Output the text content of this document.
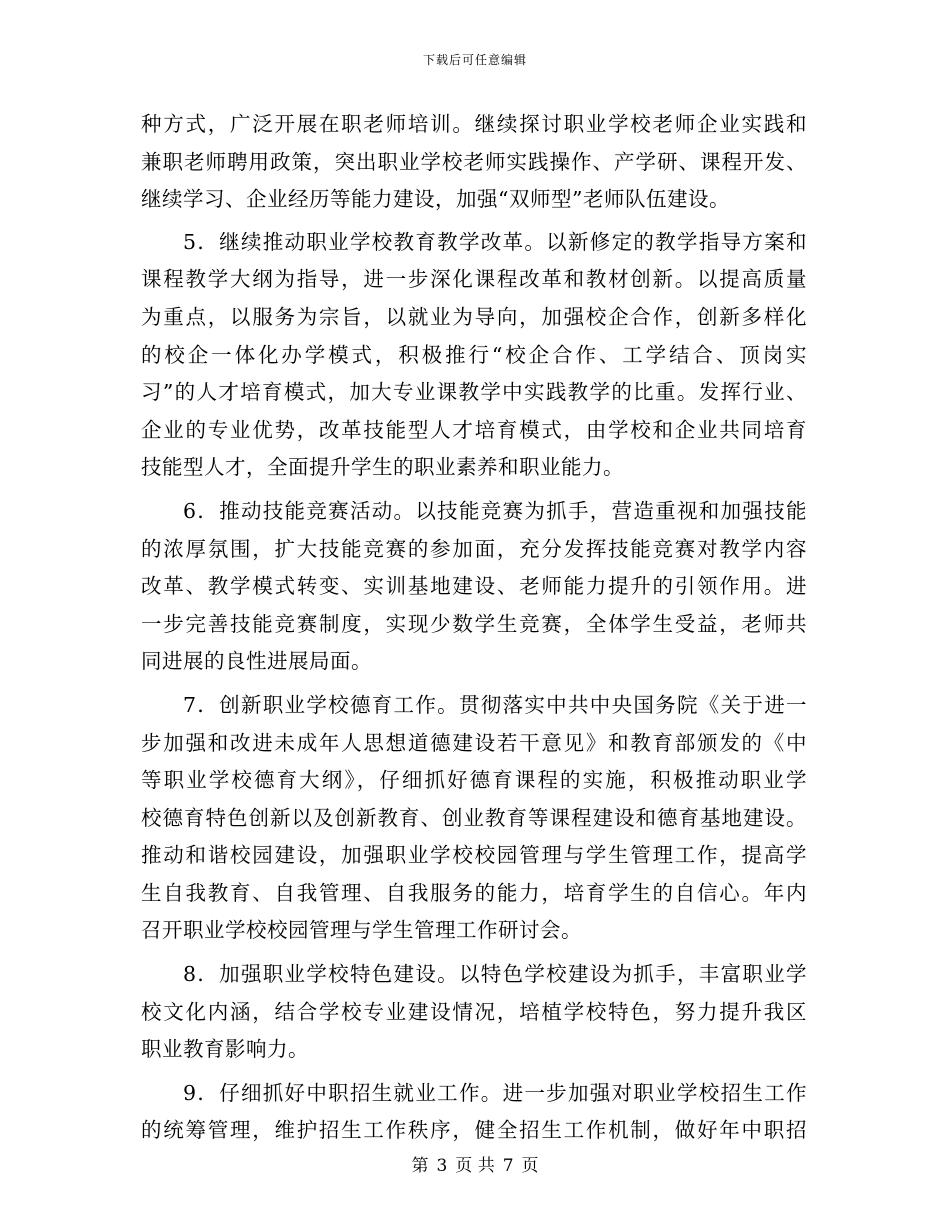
下载后可任意编辑

种方式，广泛开展在职老师培训。继续探讨职业学校老师企业实践和
兼职老师聘用政策，突出职业学校老师实践操作、产学研、课程开发、
继续学习、企业经历等能力建设，加强“双师型”老师队伍建设。

5．继续推动职业学校教育教学改革。以新修定的教学指导方案和
课程教学大纲为指导，进一步深化课程改革和教材创新。以提高质量
为重点，以服务为宗旨，以就业为导向，加强校企合作，创新多样化
的校企一体化办学模式，积极推行“校企合作、工学结合、顶岗实
习”的人才培育模式，加大专业课教学中实践教学的比重。发挥行业、
企业的专业优势，改革技能型人才培育模式，由学校和企业共同培育
技能型人才，全面提升学生的职业素养和职业能力。

6．推动技能竞赛活动。以技能竞赛为抓手，营造重视和加强技能
的浓厚氛围，扩大技能竞赛的参加面，充分发挥技能竞赛对教学内容
改革、教学模式转变、实训基地建设、老师能力提升的引领作用。进
一步完善技能竞赛制度，实现少数学生竞赛，全体学生受益，老师共
同进展的良性进展局面。

7．创新职业学校德育工作。贯彻落实中共中央国务院《关于进一
步加强和改进未成年人思想道德建设若干意见》和教育部颁发的《中
等职业学校德育大纲》，仔细抓好德育课程的实施，积极推动职业学
校德育特色创新以及创新教育、创业教育等课程建设和德育基地建设。
推动和谐校园建设，加强职业学校校园管理与学生管理工作，提高学
生自我教育、自我管理、自我服务的能力，培育学生的自信心。年内
召开职业学校校园管理与学生管理工作研讨会。

8．加强职业学校特色建设。以特色学校建设为抓手，丰富职业学
校文化内涵，结合学校专业建设情况，培植学校特色，努力提升我区
职业教育影响力。

9．仔细抓好中职招生就业工作。进一步加强对职业学校招生工作
的统筹管理，维护招生工作秩序，健全招生工作机制，做好年中职招

第 3 页 共 7 页
